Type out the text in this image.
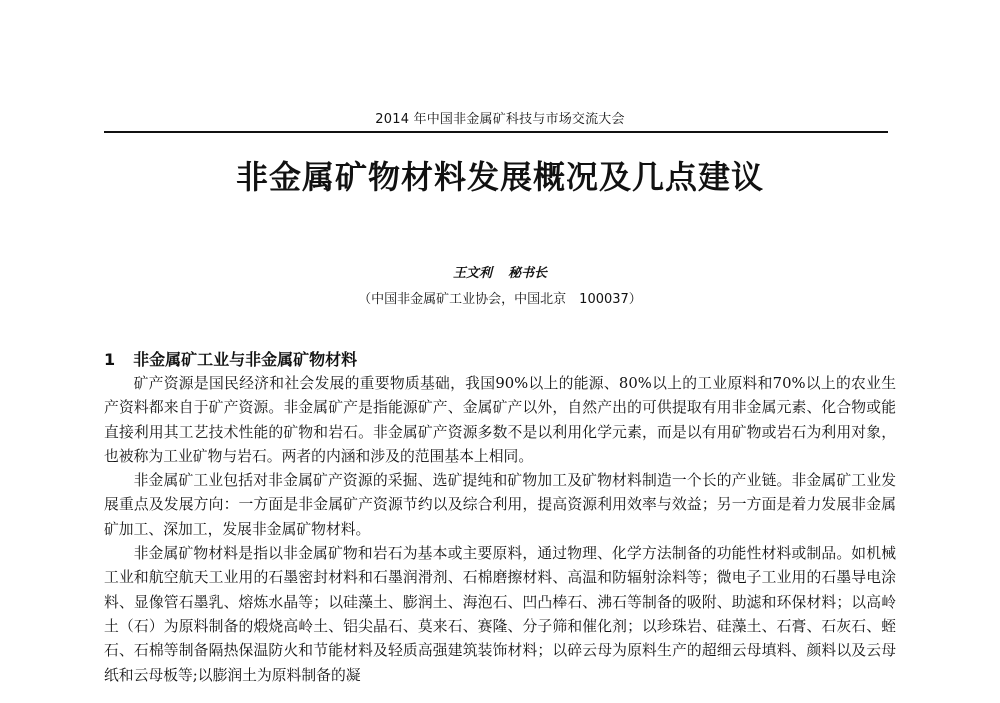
2014 年中国非金属矿科技与市场交流大会
非金属矿物材料发展概况及几点建议
王文利 秘书长
（中国非金属矿工业协会，中国北京　100037）
1 非金属矿工业与非金属矿物材料

矿产资源是国民经济和社会发展的重要物质基础，我国90%以上的能源、80%以上的工业原料和70%以上的农业生产资料都来自于矿产资源。非金属矿产是指能源矿产、金属矿产以外，自然产出的可供提取有用非金属元素、化合物或能直接利用其工艺技术性能的矿物和岩石。非金属矿产资源多数不是以利用化学元素，而是以有用矿物或岩石为利用对象，也被称为工业矿物与岩石。两者的内涵和涉及的范围基本上相同。

非金属矿工业包括对非金属矿产资源的采掘、选矿提纯和矿物加工及矿物材料制造一个长的产业链。非金属矿工业发展重点及发展方向：一方面是非金属矿产资源节约以及综合利用，提高资源利用效率与效益；另一方面是着力发展非金属矿加工、深加工，发展非金属矿物材料。

非金属矿物材料是指以非金属矿物和岩石为基本或主要原料，通过物理、化学方法制备的功能性材料或制品。如机械工业和航空航天工业用的石墨密封材料和石墨润滑剂、石棉磨擦材料、高温和防辐射涂料等；微电子工业用的石墨导电涂料、显像管石墨乳、熔炼水晶等；以硅藻土、膨润土、海泡石、凹凸棒石、沸石等制备的吸附、助滤和环保材料；以高岭土（石）为原料制备的煅烧高岭土、铝尖晶石、莫来石、赛隆、分子筛和催化剂；以珍珠岩、硅藻土、石膏、石灰石、蛭石、石棉等制备隔热保温防火和节能材料及轻质高强建筑装饰材料；以碎云母为原料生产的超细云母填料、颜料以及云母纸和云母板等;以膨润土为原料制备的凝
